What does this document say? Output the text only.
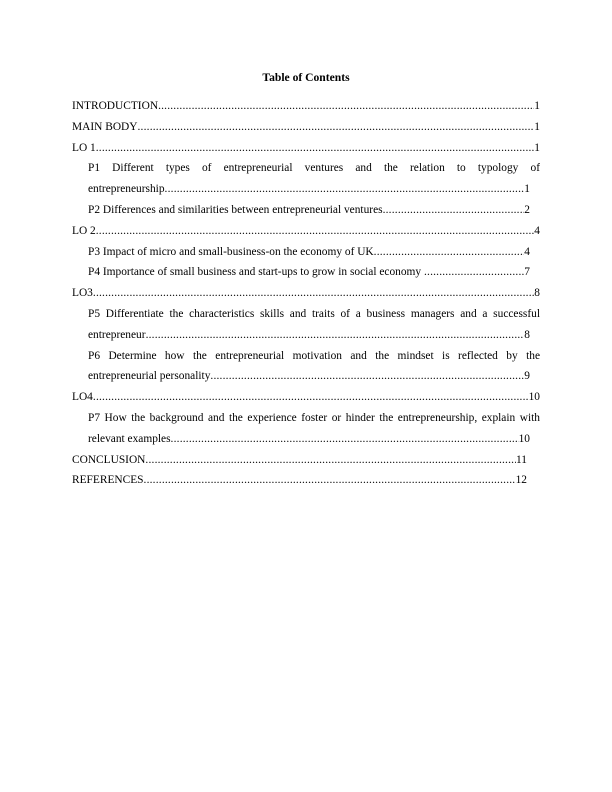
Table of Contents
INTRODUCTION .....	1
MAIN BODY .....	1
LO 1 .....	1
P1 Different types of entrepreneurial ventures and the relation to typology of
entrepreneurship .....	1
P2 Differences and similarities between entrepreneurial ventures .....	2
LO 2 .....	4
P3 Impact of micro and small-business-on the economy of UK .....	4
P4 Importance of small business and start-ups to grow in social economy .....	7
LO3 .....	8
P5 Differentiate the characteristics skills and traits of a business managers and a successful
entrepreneur .....	8
P6 Determine how the entrepreneurial motivation and the mindset is reflected by the
entrepreneurial personality .....	9
LO4 .....	10
P7 How the background and the experience foster or hinder the entrepreneurship, explain with
relevant examples .....	10
CONCLUSION .....	11
REFERENCES .....	12
